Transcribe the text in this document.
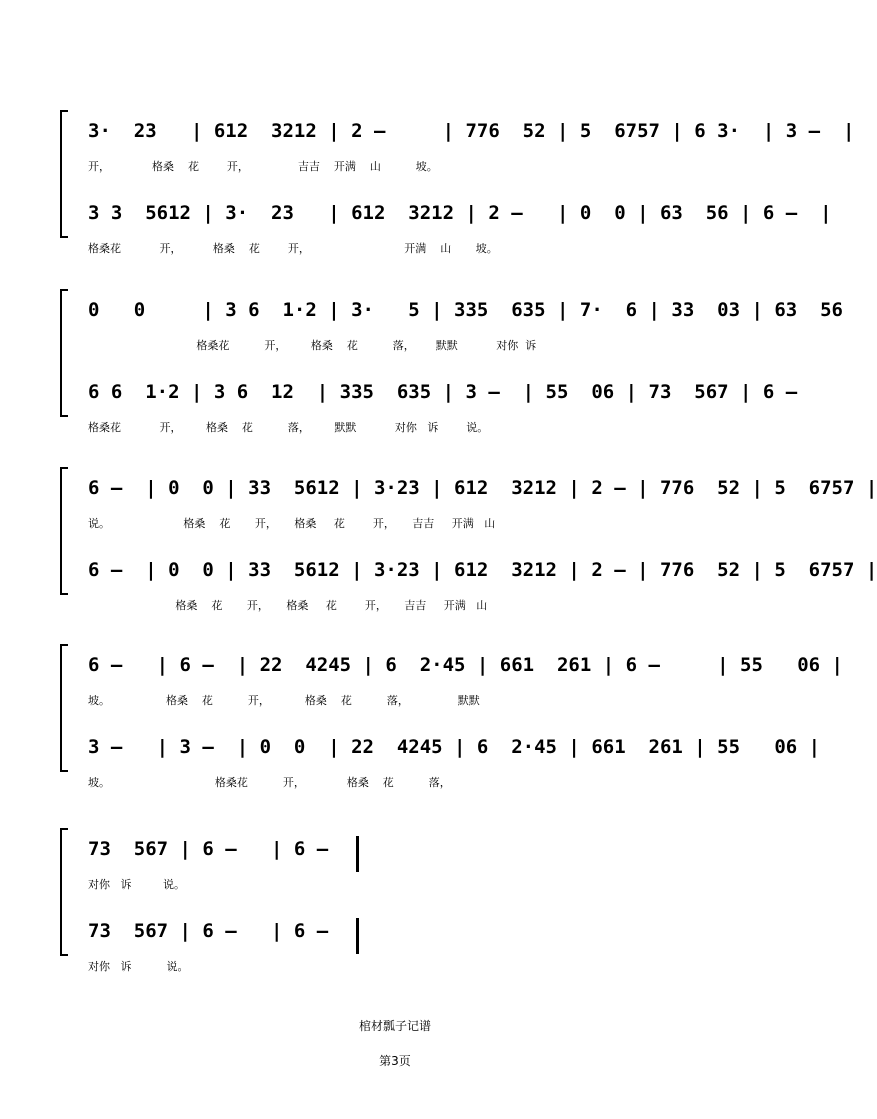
3·  23   | 612  3212 | 2 –     | 776  52 | 5  6757 | 6 3·  | 3 –  |
开，            格桑    花        开，              吉吉    开满    山          坡。
3 3  5612 | 3·  23   | 612  3212 | 2 –   | 0  0 | 63  56 | 6 –  |
格桑花           开，         格桑    花        开，                           开满    山       坡。
0   0     | 3 6  1·2 | 3·   5 | 335  635 | 7·  6 | 33  03 | 63  56
格桑花          开，       格桑    花          落，      默默           对你  诉
6 6  1·2 | 3 6  12  | 335  635 | 3 –  | 55  06 | 73  567 | 6 –
格桑花           开，       格桑    花          落，       默默           对你   诉        说。
6 –  | 0  0 | 33  5612 | 3·23 | 612  3212 | 2 – | 776  52 | 5  6757 |
说。                     格桑    花       开，     格桑     花        开，     吉吉     开满   山
6 –  | 0  0 | 33  5612 | 3·23 | 612  3212 | 2 – | 776  52 | 5  6757 |
格桑    花       开，     格桑     花        开，     吉吉     开满   山
6 –   | 6 –  | 22  4245 | 6  2·45 | 661  261 | 6 –     | 55   06 |
坡。                格桑    花          开，          格桑    花          落，              默默
3 –   | 3 –  | 0  0  | 22  4245 | 6  2·45 | 661  261 | 55   06 |
坡。                              格桑花          开，            格桑    花          落，
73  567 | 6 –   | 6 –
对你   诉         说。
73  567 | 6 –   | 6 –
对你   诉          说。
棺材瓢子记谱
第3页
